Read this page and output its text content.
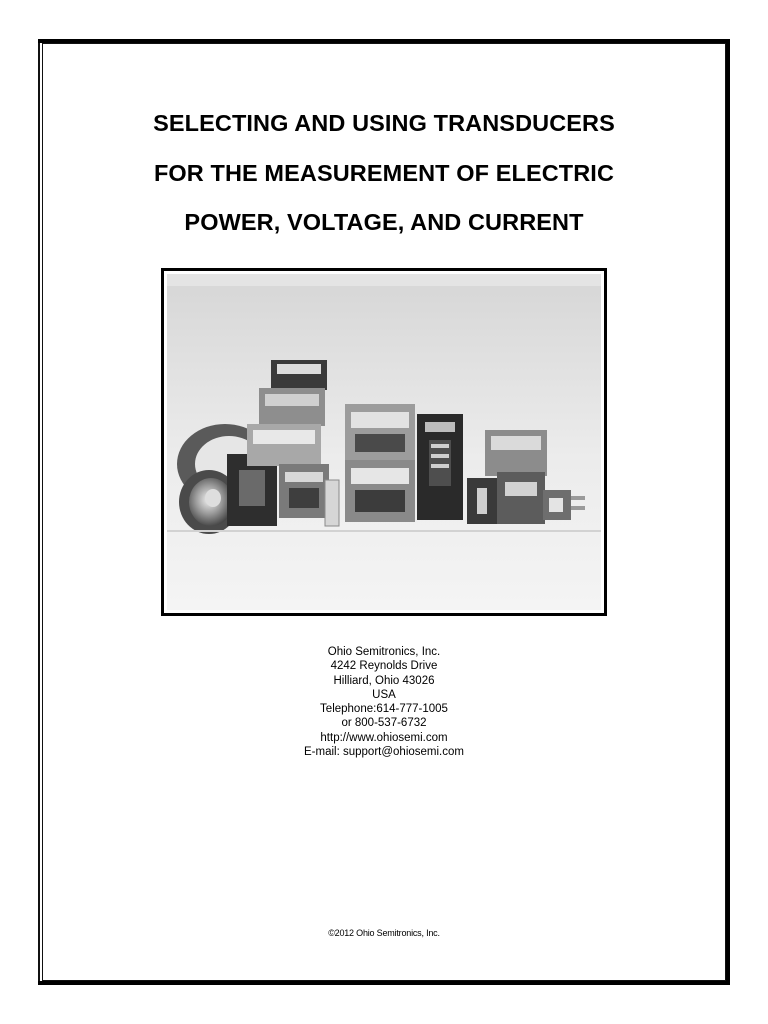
SELECTING AND USING TRANSDUCERS
FOR THE MEASUREMENT OF ELECTRIC
POWER, VOLTAGE, AND CURRENT
Ohio Semitronics, Inc.
4242 Reynolds Drive
Hilliard, Ohio 43026
USA
Telephone:614-777-1005
or 800-537-6732
http://www.ohiosemi.com
E-mail: support@ohiosemi.com
©2012 Ohio Semitronics, Inc.
